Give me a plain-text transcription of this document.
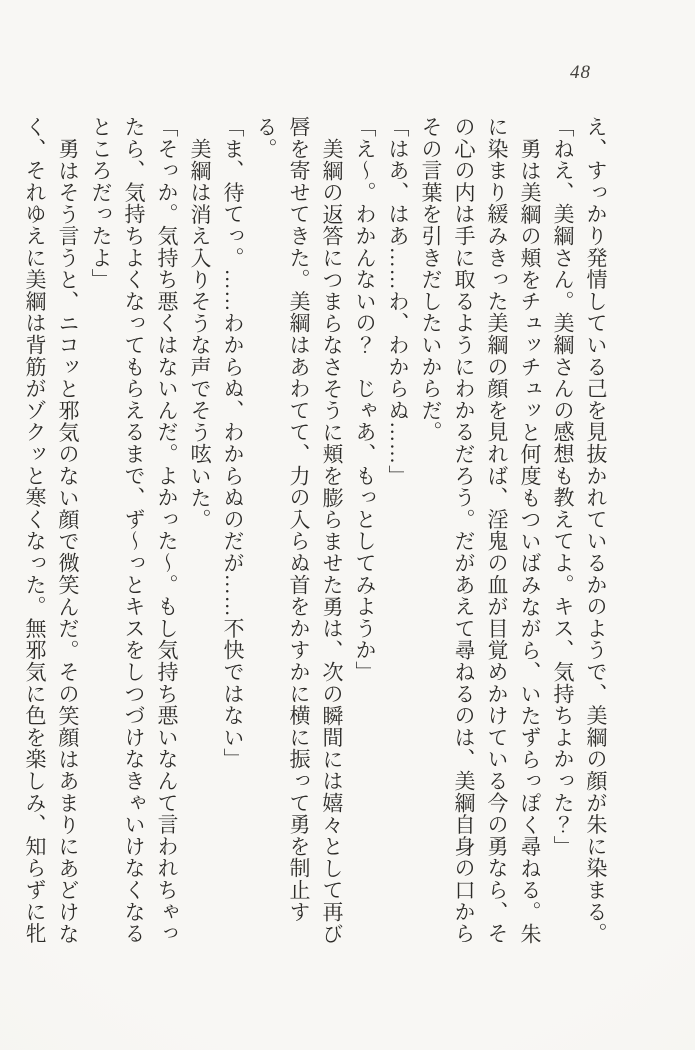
48

え、すっかり発情している己を見抜かれているかのようで、美綱の顔が朱に染まる。

「ねえ、美綱さん。美綱さんの感想も教えてよ。キス、気持ちよかった？」

勇は美綱の頬をチュッチュッと何度もついばみながら、いたずらっぽく尋ねる。朱に染まり緩みきった美綱の顔を見れば、淫鬼の血が目覚めかけている今の勇なら、その心の内は手に取るようにわかるだろう。だがあえて尋ねるのは、美綱自身の口からその言葉を引きだしたいからだ。

「はあ、はあ……わ、わからぬ……」

「え〜。わかんないの？　じゃあ、もっとしてみようか」

美綱の返答につまらなさそうに頬を膨らませた勇は、次の瞬間には嬉々として再び唇を寄せてきた。美綱はあわてて、力の入らぬ首をかすかに横に振って勇を制止する。

「ま、待てっ。……わからぬ、わからぬのだが……不快ではない」

美綱は消え入りそうな声でそう呟いた。

「そっか。気持ち悪くはないんだ。よかった〜。もし気持ち悪いなんて言われちゃったら、気持ちよくなってもらえるまで、ず〜っとキスをしつづけなきゃいけなくなるところだったよ」

勇はそう言うと、ニコッと邪気のない顔で微笑んだ。その笑顔はあまりにあどけなく、それゆえに美綱は背筋がゾクッと寒くなった。無邪気に色を楽しみ、知らずに牝
